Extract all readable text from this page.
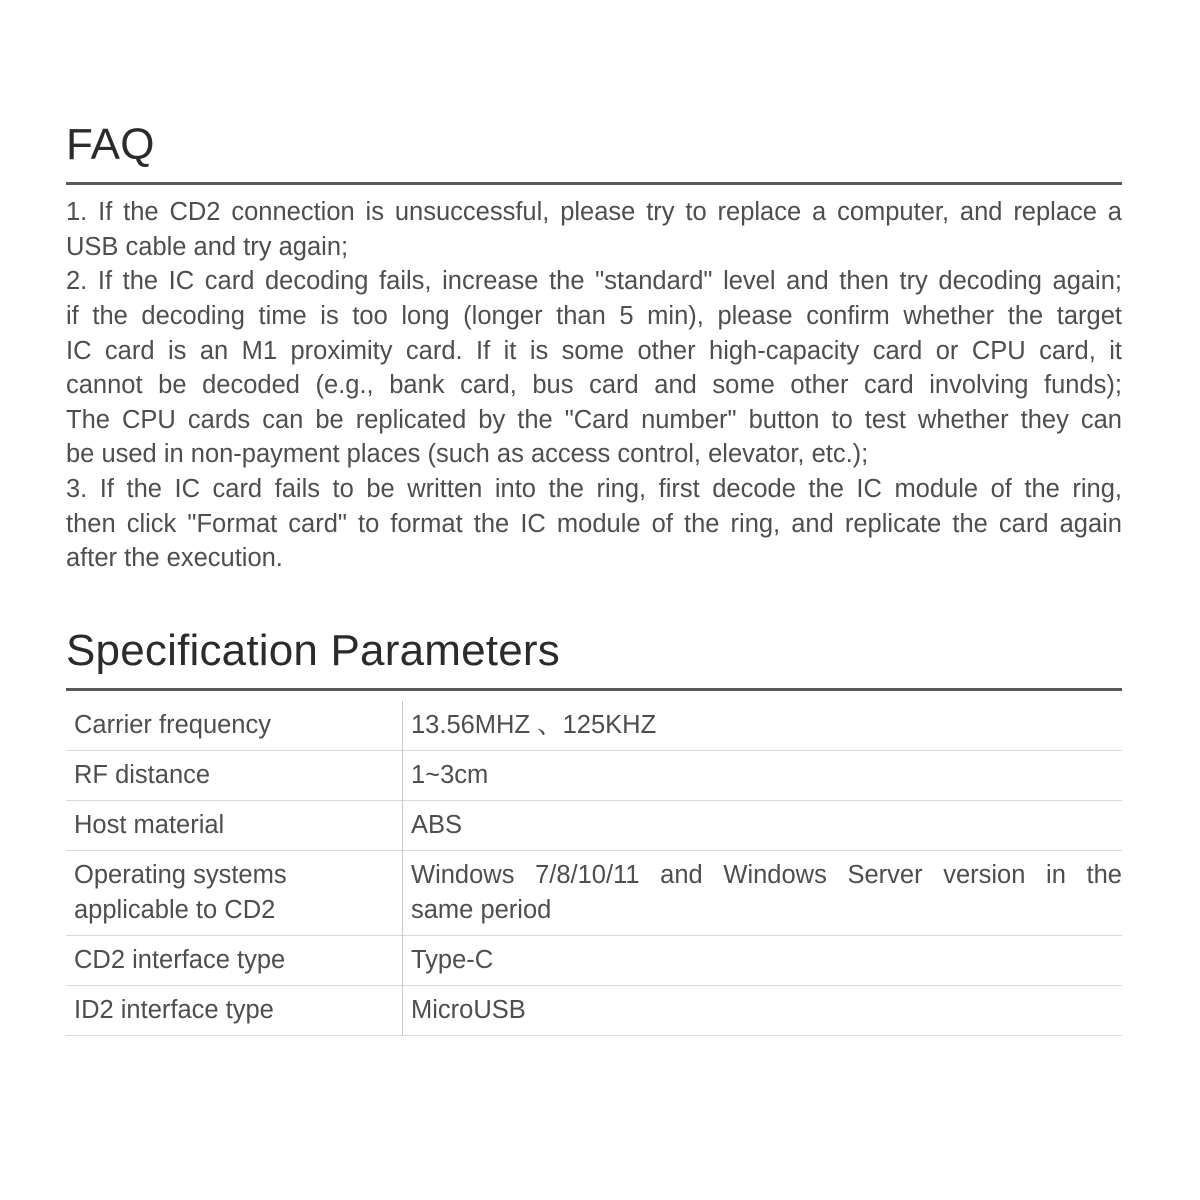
FAQ
1. If the CD2 connection is unsuccessful, please try to replace a computer, and replace a
USB cable and try again;
2. If the IC card decoding fails, increase the "standard" level and then try decoding again;
if the decoding time is too long (longer than 5 min), please confirm whether the target
IC card is an M1 proximity card. If it is some other high-capacity card or CPU card, it
cannot be decoded (e.g., bank card, bus card and some other card involving funds);
The CPU cards can be replicated by the "Card number" button to test whether they can
be used in non-payment places (such as access control, elevator, etc.);
3. If the IC card fails to be written into the ring, first decode the IC module of the ring,
then click "Format card" to format the IC module of the ring, and replicate the card again
after the execution.
Specification Parameters
Carrier frequency	13.56MHZ 、125KHZ
RF distance	1~3cm
Host material	ABS
Operating systems applicable to CD2	Windows 7/8/10/11 and Windows Server version in the
same period

CD2 interface type	Type-C
ID2 interface type	MicroUSB
